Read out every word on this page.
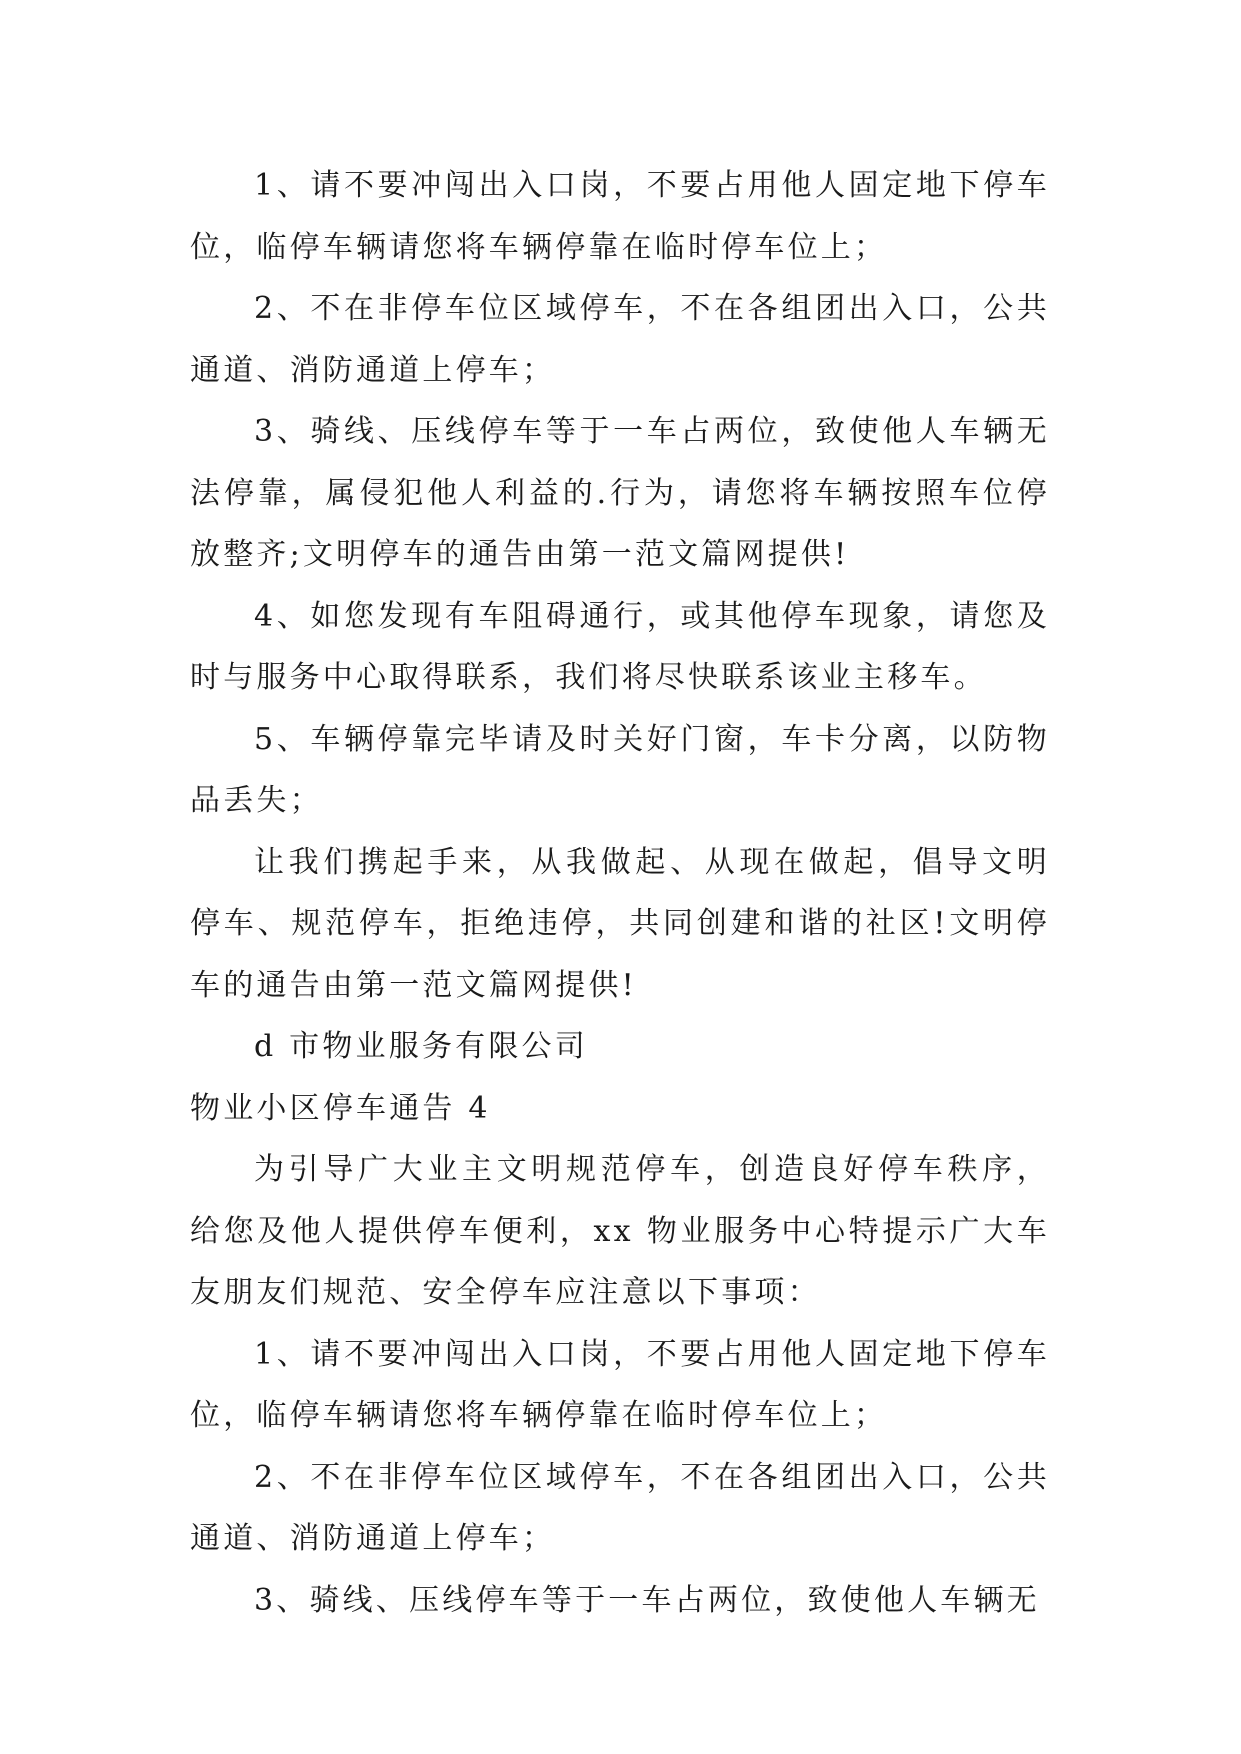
1、请不要冲闯出入口岗，不要占用他人固定地下停车位，临停车辆请您将车辆停靠在临时停车位上；

2、不在非停车位区域停车，不在各组团出入口，公共通道、消防通道上停车；

3、骑线、压线停车等于一车占两位，致使他人车辆无法停靠，属侵犯他人利益的.行为，请您将车辆按照车位停放整齐;文明停车的通告由第一范文篇网提供!

4、如您发现有车阻碍通行，或其他停车现象，请您及时与服务中心取得联系，我们将尽快联系该业主移车。

5、车辆停靠完毕请及时关好门窗，车卡分离，以防物品丢失；

让我们携起手来，从我做起、从现在做起，倡导文明停车、规范停车，拒绝违停，共同创建和谐的社区!文明停车的通告由第一范文篇网提供!

d 市物业服务有限公司

物业小区停车通告 4

为引导广大业主文明规范停车，创造良好停车秩序，给您及他人提供停车便利，xx 物业服务中心特提示广大车友朋友们规范、安全停车应注意以下事项：

1、请不要冲闯出入口岗，不要占用他人固定地下停车位，临停车辆请您将车辆停靠在临时停车位上；

2、不在非停车位区域停车，不在各组团出入口，公共通道、消防通道上停车；

3、骑线、压线停车等于一车占两位，致使他人车辆无
